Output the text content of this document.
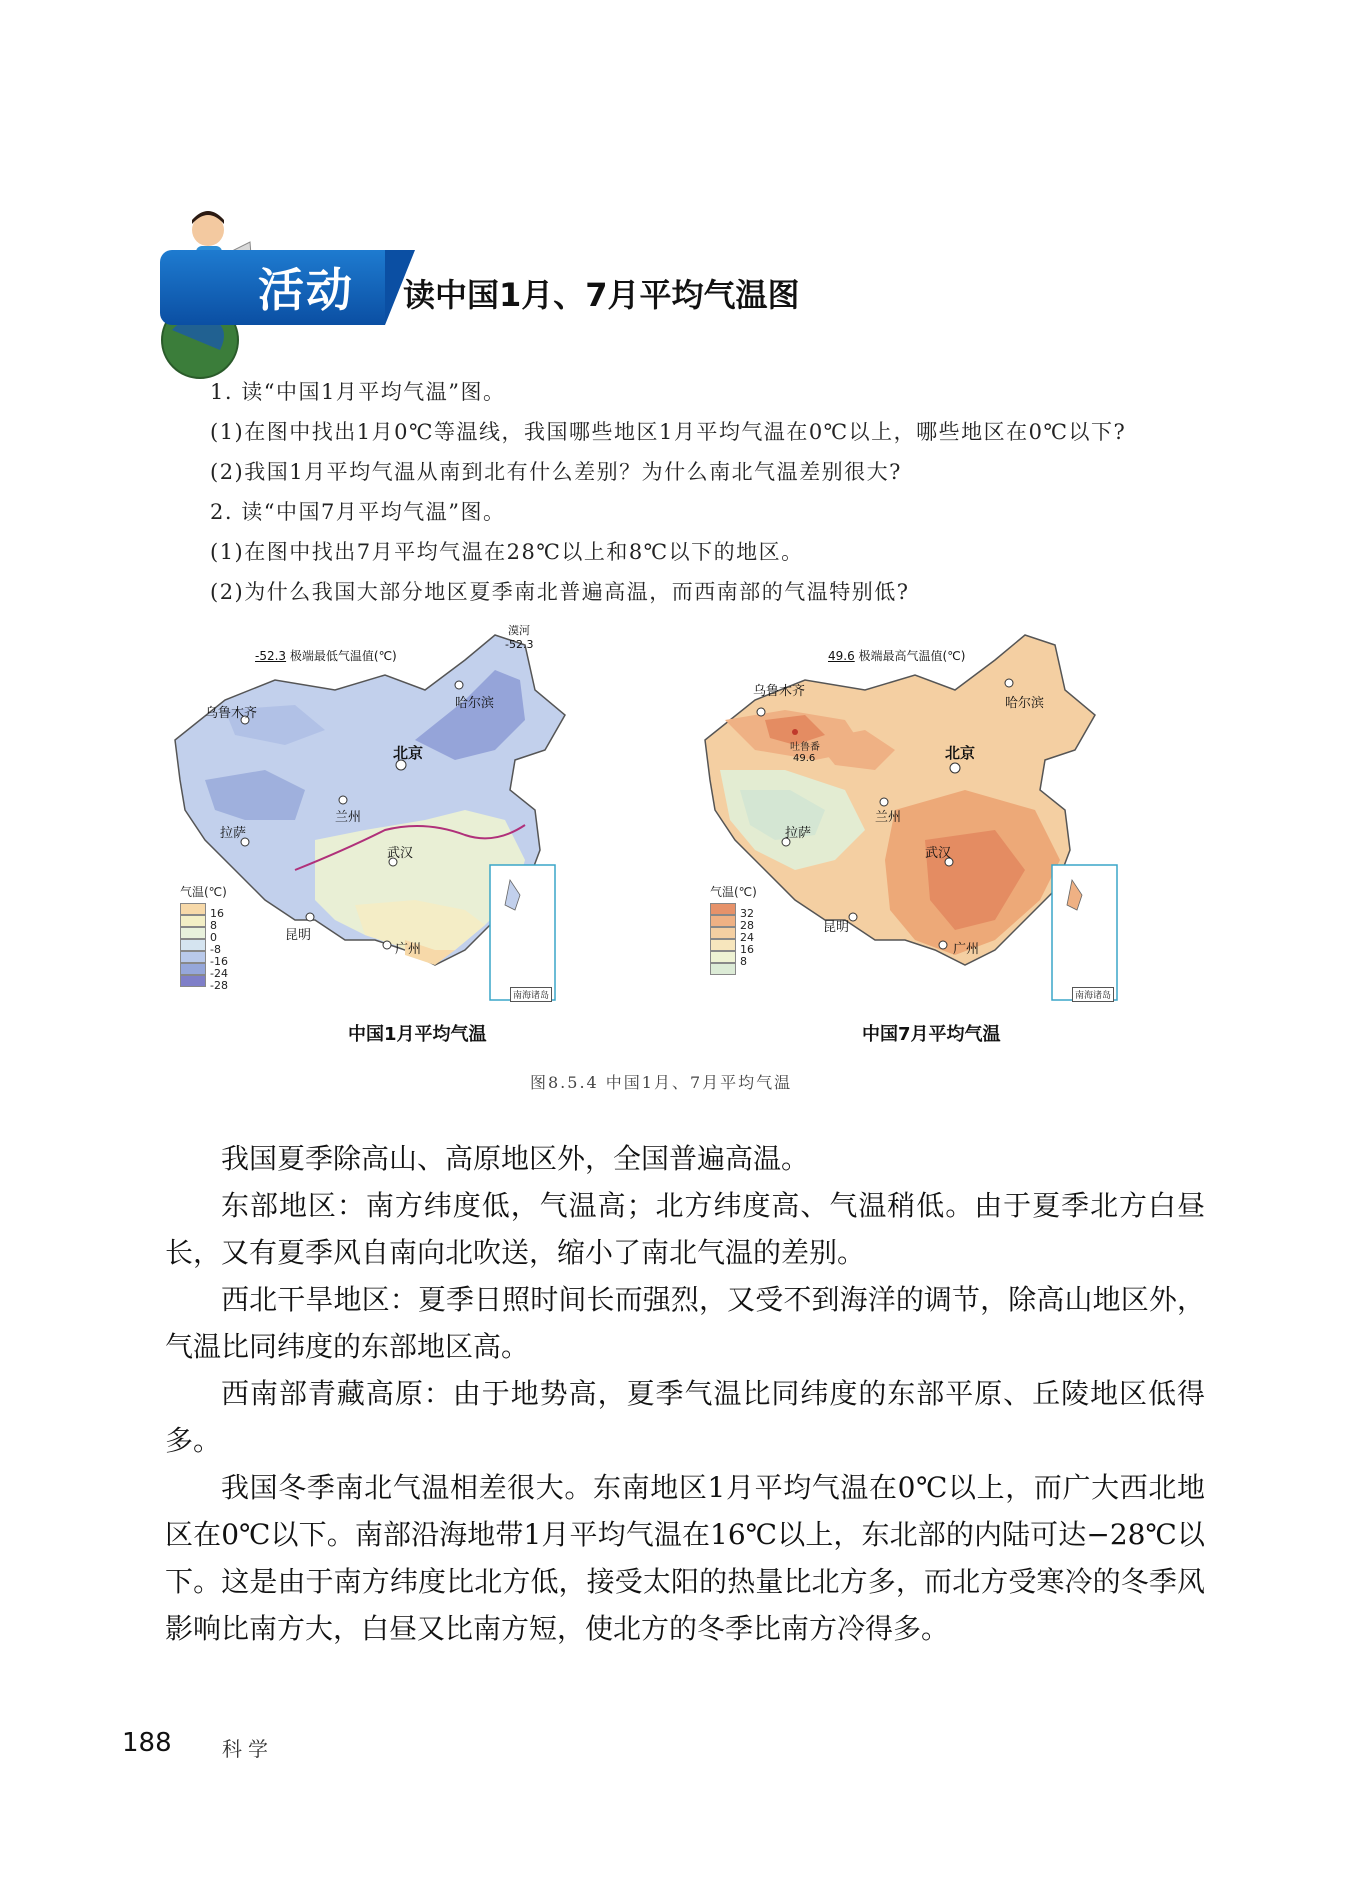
活动 读中国1月、7月平均气温图
1. 读“中国1月平均气温”图。
(1)在图中找出1月0℃等温线，我国哪些地区1月平均气温在0℃以上，哪些地区在0℃以下?
(2)我国1月平均气温从南到北有什么差别？为什么南北气温差别很大?
2. 读“中国7月平均气温”图。
(1)在图中找出7月平均气温在28℃以上和8℃以下的地区。
(2)为什么我国大部分地区夏季南北普遍高温，而西南部的气温特别低?
-52.3 极端最低气温值(℃)
漠河
-52.3
哈尔滨
乌鲁木齐
北京
兰州
拉萨
武汉
昆明
广州
南海诸岛
气温(℃)
16
8
0
-8
-16
-24
-28
49.6 极端最高气温值(℃)
乌鲁木齐
吐鲁番
49.6
哈尔滨
北京
兰州
拉萨
武汉
昆明
广州
南海诸岛
气温(℃)
32
28
24
16
8
中国1月平均气温	中国7月平均气温
图8.5.4 中国1月、7月平均气温

我国夏季除高山、高原地区外，全国普遍高温。

东部地区：南方纬度低，气温高；北方纬度高、气温稍低。由于夏季北方白昼长，又有夏季风自南向北吹送，缩小了南北气温的差别。

西北干旱地区：夏季日照时间长而强烈，又受不到海洋的调节，除高山地区外，气温比同纬度的东部地区高。

西南部青藏高原：由于地势高，夏季气温比同纬度的东部平原、丘陵地区低得多。

我国冬季南北气温相差很大。东南地区1月平均气温在0℃以上，而广大西北地区在0℃以下。南部沿海地带1月平均气温在16℃以上，东北部的内陆可达−28℃以下。这是由于南方纬度比北方低，接受太阳的热量比北方多，而北方受寒冷的冬季风影响比南方大，白昼又比南方短，使北方的冬季比南方冷得多。

188	科学
